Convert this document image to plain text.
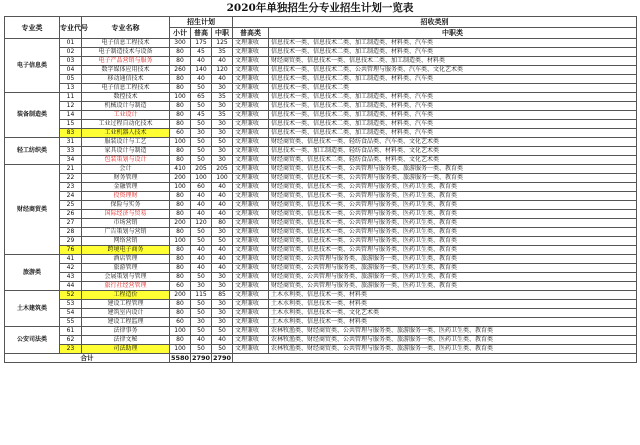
2020年单独招生分专业招生计划一览表
专业类	专业代号	专业名称	招生计划			招收类别	
			小计	普高	中职	普高类	中职类
电子信息类	01	电子信息工程技术	300	175	125	文理兼收	信息技术一类、信息技术二类、加工制造类、材料类、汽车类
	02	电子制造技术与设备	80	45	35	文理兼收	信息技术一类、信息技术二类、加工制造类、材料类、汽车类
	03	电子产品营销与服务	80	40	40	文理兼收	财经商贸类、信息技术一类、信息技术二类、加工制造类、材料类
	04	数字媒体应用技术	260	140	120	文理兼收	信息技术一类、信息技术二类、公共管理与服务类、汽车类、文化艺术类
	05	移动通信技术	80	40	40	文理兼收	信息技术一类、信息技术二类、加工制造类、材料类、汽车类
	13	电子信息工程技术	80	50	30	文理兼收	信息技术一类、信息技术二类
装备制造类	11	数控技术	100	65	35	文理兼收	信息技术一类、信息技术二类、加工制造类、材料类、汽车类
	12	机械设计与制造	80	50	30	文理兼收	信息技术一类、信息技术二类、加工制造类、材料类、汽车类
	14	工业设计	80	45	35	文理兼收	信息技术一类、信息技术二类、加工制造类、材料类、汽车类
	15	工业过程自动化技术	80	50	30	文理兼收	信息技术一类、信息技术二类、加工制造类、材料类、汽车类
	83	工业机器人技术	60	30	30	文理兼收	信息技术一类、信息技术二类、加工制造类、材料类、汽车类
轻工纺织类	31	服装设计与工艺	100	50	50	文理兼收	财经商贸类、信息技术一类、轻纺食品类、汽车类、文化艺术类
	33	家具设计与制造	80	50	30	文理兼收	信息技术一类、加工制造类、轻纺食品类、材料类、文化艺术类
	34	包装策划与设计	80	50	30	文理兼收	财经商贸类、信息技术二类、轻纺食品类、材料类、文化艺术类
财经商贸类	21	会计	410	205	205	文理兼收	财经商贸类、信息技术一类、公共管理与服务类、旅游服务一类、教育类
	22	财务管理	200	100	100	文理兼收	财经商贸类、信息技术一类、公共管理与服务类、旅游服务一类、教育类
	23	金融管理	100	60	40	文理兼收	财经商贸类、信息技术一类、公共管理与服务类、医药卫生类、教育类
	24	投资理财	80	40	40	文理兼收	财经商贸类、信息技术一类、公共管理与服务类、医药卫生类、教育类
	25	保险与实务	80	40	40	文理兼收	财经商贸类、信息技术一类、公共管理与服务类、医药卫生类、教育类
	26	国际经济与贸易	80	40	40	文理兼收	财经商贸类、信息技术一类、公共管理与服务类、医药卫生类、教育类
	27	市场营销	200	120	80	文理兼收	财经商贸类、信息技术一类、公共管理与服务类、医药卫生类、教育类
	28	广告策划与营销	80	50	30	文理兼收	财经商贸类、信息技术一类、公共管理与服务类、医药卫生类、教育类
	29	网络营销	100	50	50	文理兼收	财经商贸类、信息技术一类、公共管理与服务类、医药卫生类、教育类
	76	跨境电子商务	80	40	40	文理兼收	财经商贸类、信息技术一类、公共管理与服务类、医药卫生类、教育类
旅游类	41	酒店管理	80	40	40	文理兼收	财经商贸类、公共管理与服务类、旅游服务一类、医药卫生类、教育类
	42	旅游管理	80	40	40	文理兼收	财经商贸类、公共管理与服务类、旅游服务一类、医药卫生类、教育类
	43	会展策划与管理	80	50	30	文理兼收	财经商贸类、公共管理与服务类、旅游服务一类、医药卫生类、教育类
	44	旅行社经营管理	60	30	30	文理兼收	财经商贸类、公共管理与服务类、旅游服务一类、医药卫生类、教育类
土木建筑类	52	工程造价	200	115	85	文理兼收	土木水利类、信息技术一类、材料类
	53	建设工程管理	80	50	30	文理兼收	土木水利类、信息技术一类、材料类
	54	建筑室内设计	80	50	30	文理兼收	土木水利类、信息技术一类、文化艺术类
	55	建设工程监理	60	30	30	文理兼收	土木水利类、信息技术一类、材料类
公安司法类	61	法律事务	100	50	50	文理兼收	农林牧渔类、财经商贸类、公共管理与服务类、旅游服务一类、医药卫生类、教育类
	62	法律文秘	80	40	40	文理兼收	农林牧渔类、财经商贸类、公共管理与服务类、旅游服务一类、医药卫生类、教育类
	23	司法助理	100	50	50	文理兼收	农林牧渔类、财经商贸类、公共管理与服务类、旅游服务一类、医药卫生类、教育类
合计			5580	2790	2790		
